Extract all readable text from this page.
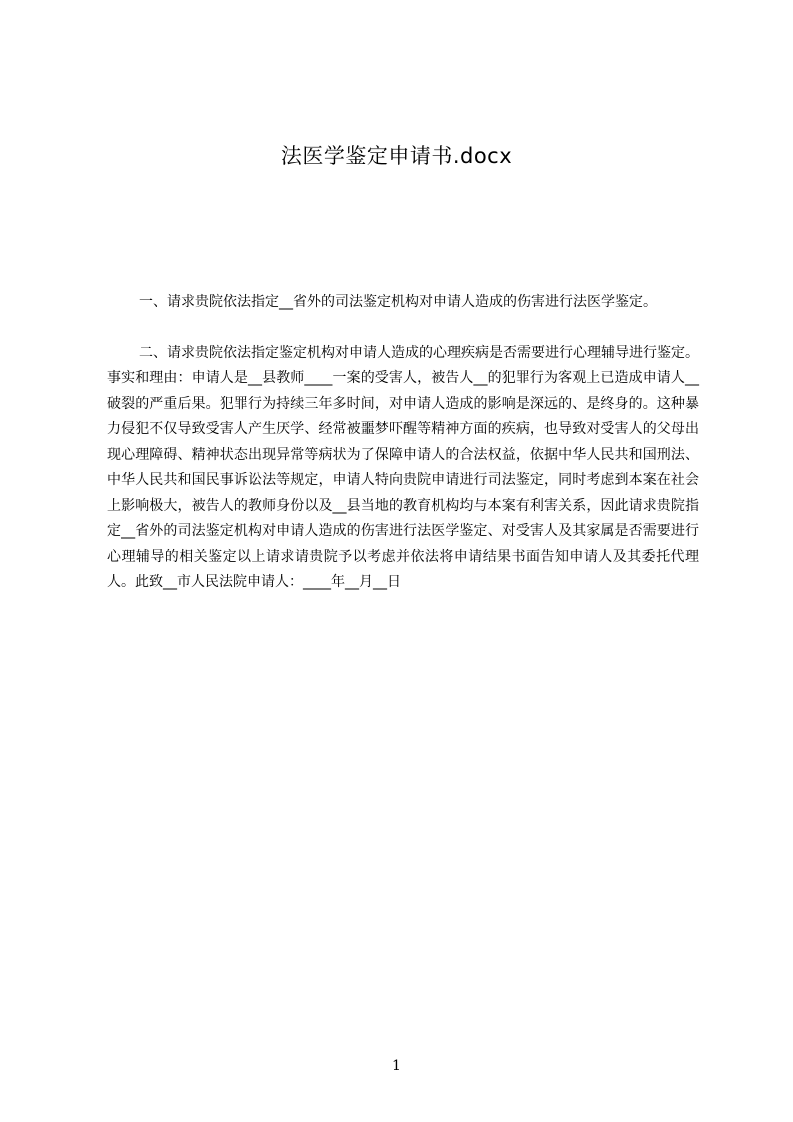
法医学鉴定申请书.docx

一、请求贵院依法指定__省外的司法鉴定机构对申请人造成的伤害进行法医学鉴定。

二、请求贵院依法指定鉴定机构对申请人造成的心理疾病是否需要进行心理辅导进行鉴定。事实和理由：申请人是__县教师____一案的受害人，被告人__的犯罪行为客观上已造成申请人__破裂的严重后果。犯罪行为持续三年多时间，对申请人造成的影响是深远的、是终身的。这种暴力侵犯不仅导致受害人产生厌学、经常被噩梦吓醒等精神方面的疾病，也导致对受害人的父母出现心理障碍、精神状态出现异常等病状为了保障申请人的合法权益，依据中华人民共和国刑法、中华人民共和国民事诉讼法等规定，申请人特向贵院申请进行司法鉴定，同时考虑到本案在社会上影响极大，被告人的教师身份以及__县当地的教育机构均与本案有利害关系，因此请求贵院指定__省外的司法鉴定机构对申请人造成的伤害进行法医学鉴定、对受害人及其家属是否需要进行心理辅导的相关鉴定以上请求请贵院予以考虑并依法将申请结果书面告知申请人及其委托代理人。此致__市人民法院申请人：____年__月__日

1
